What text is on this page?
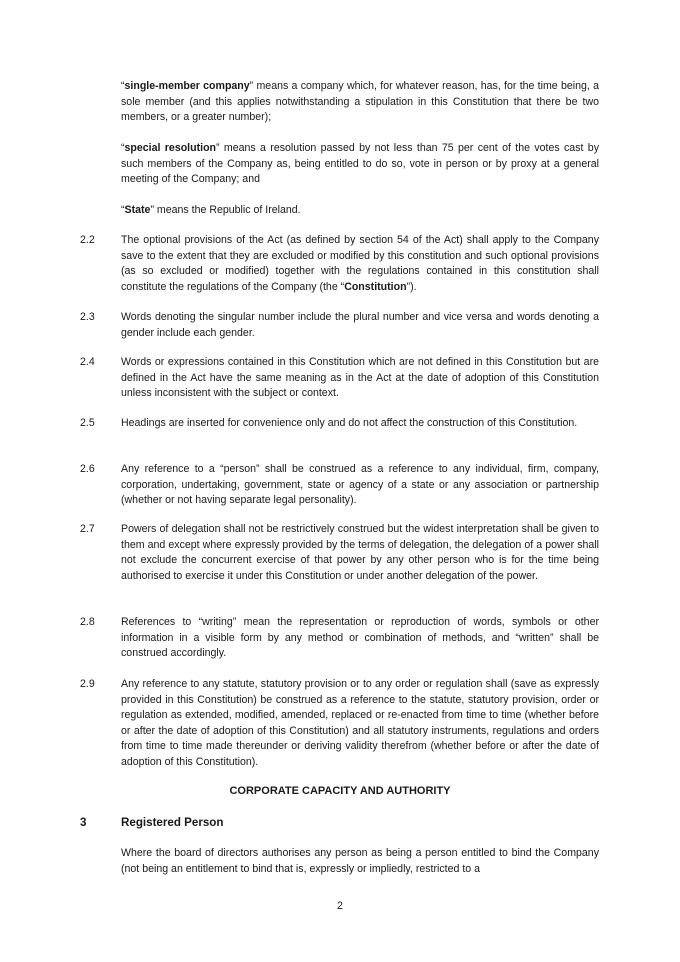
“single-member company” means a company which, for whatever reason, has, for the time being, a sole member (and this applies notwithstanding a stipulation in this Constitution that there be two members, or a greater number);

“special resolution” means a resolution passed by not less than 75 per cent of the votes cast by such members of the Company as, being entitled to do so, vote in person or by proxy at a general meeting of the Company; and

“State” means the Republic of Ireland.

2.2 The optional provisions of the Act (as defined by section 54 of the Act) shall apply to the Company save to the extent that they are excluded or modified by this constitution and such optional provisions (as so excluded or modified) together with the regulations contained in this constitution shall constitute the regulations of the Company (the “Constitution”).

2.3 Words denoting the singular number include the plural number and vice versa and words denoting a gender include each gender.

2.4 Words or expressions contained in this Constitution which are not defined in this Constitution but are defined in the Act have the same meaning as in the Act at the date of adoption of this Constitution unless inconsistent with the subject or context.

2.5 Headings are inserted for convenience only and do not affect the construction of this Constitution.

2.6 Any reference to a “person” shall be construed as a reference to any individual, firm, company, corporation, undertaking, government, state or agency of a state or any association or partnership (whether or not having separate legal personality).

2.7 Powers of delegation shall not be restrictively construed but the widest interpretation shall be given to them and except where expressly provided by the terms of delegation, the delegation of a power shall not exclude the concurrent exercise of that power by any other person who is for the time being authorised to exercise it under this Constitution or under another delegation of the power.

2.8 References to “writing” mean the representation or reproduction of words, symbols or other information in a visible form by any method or combination of methods, and “written” shall be construed accordingly.

2.9 Any reference to any statute, statutory provision or to any order or regulation shall (save as expressly provided in this Constitution) be construed as a reference to the statute, statutory provision, order or regulation as extended, modified, amended, replaced or re-enacted from time to time (whether before or after the date of adoption of this Constitution) and all statutory instruments, regulations and orders from time to time made thereunder or deriving validity therefrom (whether before or after the date of adoption of this Constitution).

CORPORATE CAPACITY AND AUTHORITY
3	Registered Person

Where the board of directors authorises any person as being a person entitled to bind the Company (not being an entitlement to bind that is, expressly or impliedly, restricted to a

2
